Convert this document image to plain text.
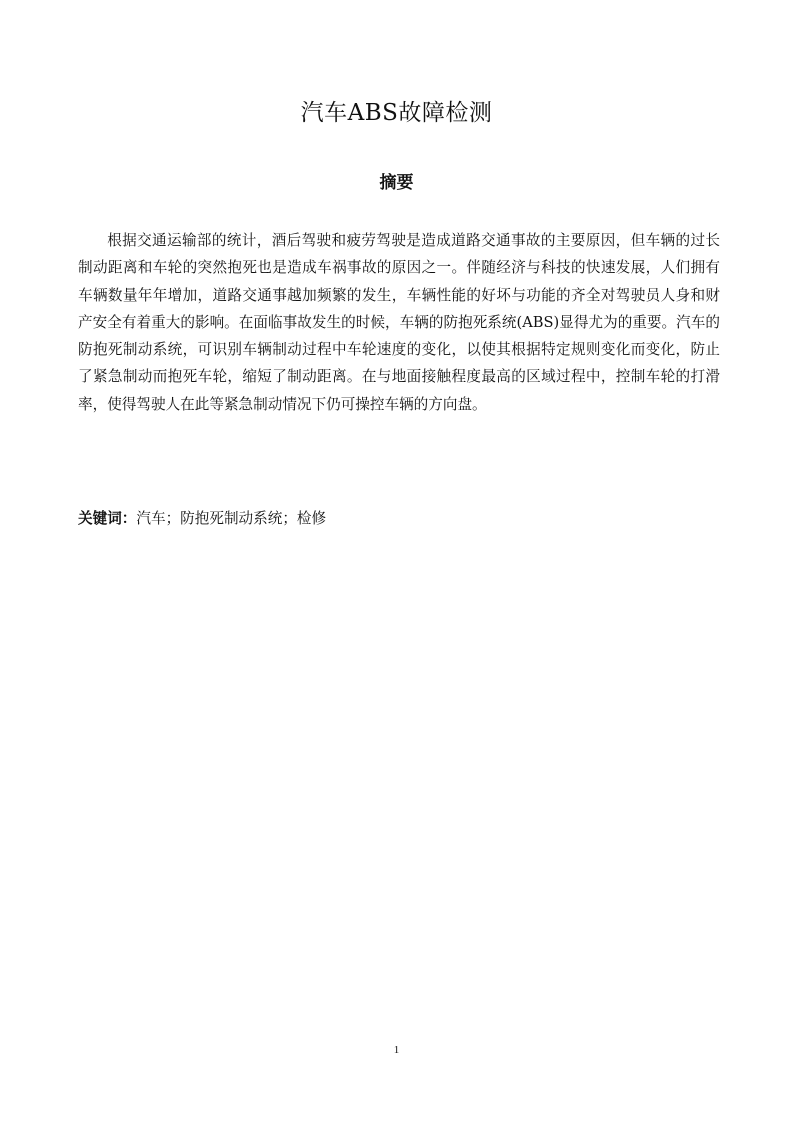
汽车ABS故障检测
摘要

根据交通运输部的统计，酒后驾驶和疲劳驾驶是造成道路交通事故的主要原因，但车辆的过长制动距离和车轮的突然抱死也是造成车祸事故的原因之一。伴随经济与科技的快速发展，人们拥有车辆数量年年增加，道路交通事越加频繁的发生，车辆性能的好坏与功能的齐全对驾驶员人身和财产安全有着重大的影响。在面临事故发生的时候，车辆的防抱死系统(ABS)显得尤为的重要。汽车的防抱死制动系统，可识别车辆制动过程中车轮速度的变化，以使其根据特定规则变化而变化，防止了紧急制动而抱死车轮，缩短了制动距离。在与地面接触程度最高的区域过程中，控制车轮的打滑率，使得驾驶人在此等紧急制动情况下仍可操控车辆的方向盘。

关键词：汽车；防抱死制动系统；检修

1
